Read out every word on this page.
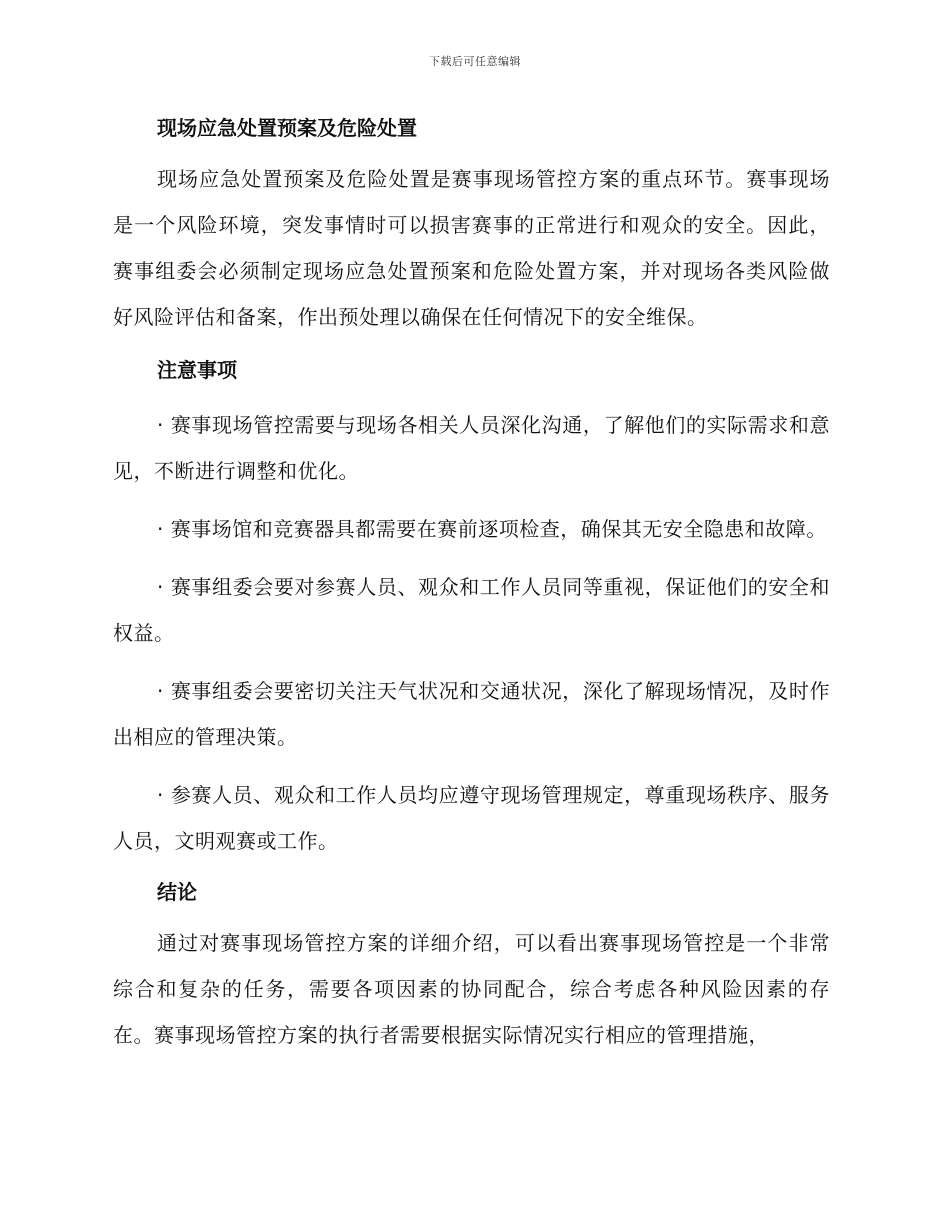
下载后可任意编辑
现场应急处置预案及危险处置

现场应急处置预案及危险处置是赛事现场管控方案的重点环节。赛事现场是一个风险环境，突发事情时可以损害赛事的正常进行和观众的安全。因此，赛事组委会必须制定现场应急处置预案和危险处置方案，并对现场各类风险做好风险评估和备案，作出预处理以确保在任何情况下的安全维保。

注意事项

· 赛事现场管控需要与现场各相关人员深化沟通，了解他们的实际需求和意见，不断进行调整和优化。

· 赛事场馆和竞赛器具都需要在赛前逐项检查，确保其无安全隐患和故障。

· 赛事组委会要对参赛人员、观众和工作人员同等重视，保证他们的安全和权益。

· 赛事组委会要密切关注天气状况和交通状况，深化了解现场情况，及时作出相应的管理决策。

· 参赛人员、观众和工作人员均应遵守现场管理规定，尊重现场秩序、服务人员，文明观赛或工作。

结论

通过对赛事现场管控方案的详细介绍，可以看出赛事现场管控是一个非常综合和复杂的任务，需要各项因素的协同配合，综合考虑各种风险因素的存在。赛事现场管控方案的执行者需要根据实际情况实行相应的管理措施，
